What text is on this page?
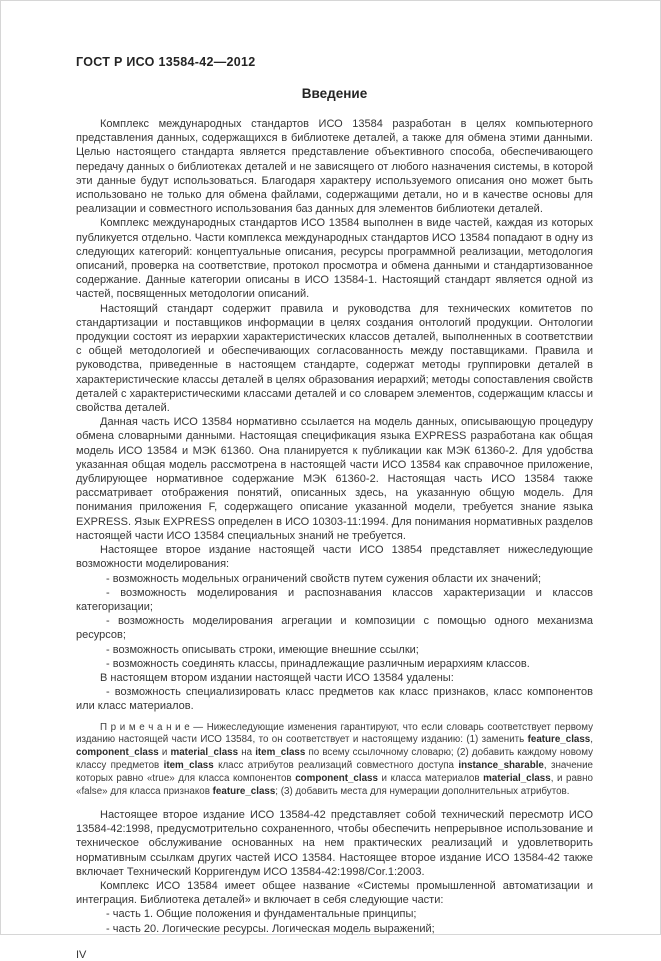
ГОСТ Р ИСО 13584-42—2012
Введение

Комплекс международных стандартов ИСО 13584 разработан в целях компьютерного представления данных, содержащихся в библиотеке деталей, а также для обмена этими данными. Целью настоящего стандарта является представление объективного способа, обеспечивающего передачу данных о библиотеках деталей и не зависящего от любого назначения системы, в которой эти данные будут использоваться. Благодаря характеру используемого описания оно может быть использовано не только для обмена файлами, содержащими детали, но и в качестве основы для реализации и совместного использования баз данных для элементов библиотеки деталей.

Комплекс международных стандартов ИСО 13584 выполнен в виде частей, каждая из которых публикуется отдельно. Части комплекса международных стандартов ИСО 13584 попадают в одну из следующих категорий: концептуальные описания, ресурсы программной реализации, методология описаний, проверка на соответствие, протокол просмотра и обмена данными и стандартизованное содержание. Данные категории описаны в ИСО 13584-1. Настоящий стандарт является одной из частей, посвященных методологии описаний.

Настоящий стандарт содержит правила и руководства для технических комитетов по стандартизации и поставщиков информации в целях создания онтологий продукции. Онтологии продукции состоят из иерархии характеристических классов деталей, выполненных в соответствии с общей методологией и обеспечивающих согласованность между поставщиками. Правила и руководства, приведенные в настоящем стандарте, содержат методы группировки деталей в характеристические классы деталей в целях образования иерархий; методы сопоставления свойств деталей с характеристическими классами деталей и со словарем элементов, содержащим классы и свойства деталей.

Данная часть ИСО 13584 нормативно ссылается на модель данных, описывающую процедуру обмена словарными данными. Настоящая спецификация языка EXPRESS разработана как общая модель ИСО 13584 и МЭК 61360. Она планируется к публикации как МЭК 61360-2. Для удобства указанная общая модель рассмотрена в настоящей части ИСО 13584 как справочное приложение, дублирующее нормативное содержание МЭК 61360-2. Настоящая часть ИСО 13584 также рассматривает отображения понятий, описанных здесь, на указанную общую модель. Для понимания приложения F, содержащего описание указанной модели, требуется знание языка EXPRESS. Язык EXPRESS определен в ИСО 10303-11:1994. Для понимания нормативных разделов настоящей части ИСО 13584 специальных знаний не требуется.

Настоящее второе издание настоящей части ИСО 13854 представляет нижеследующие возможности моделирования:

- возможность модельных ограничений свойств путем сужения области их значений;

- возможность моделирования и распознавания классов характеризации и классов категоризации;

- возможность моделирования агрегации и композиции с помощью одного механизма ресурсов;

- возможность описывать строки, имеющие внешние ссылки;

- возможность соединять классы, принадлежащие различным иерархиям классов.

В настоящем втором издании настоящей части ИСО 13584 удалены:

- возможность специализировать класс предметов как класс признаков, класс компонентов или класс материалов.

П р и м е ч а н и е — Нижеследующие изменения гарантируют, что если словарь соответствует первому изданию настоящей части ИСО 13584, то он соответствует и настоящему изданию: (1) заменить feature_class, component_class и material_class на item_class по всему ссылочному словарю; (2) добавить каждому новому классу предметов item_class класс атрибутов реализаций совместного доступа instance_sharable, значение которых равно «true» для класса компонентов component_class и класса материалов material_class, и равно «false» для класса признаков feature_class; (3) добавить места для нумерации дополнительных атрибутов.

Настоящее второе издание ИСО 13584-42 представляет собой технический пересмотр ИСО 13584-42:1998, предусмотрительно сохраненного, чтобы обеспечить непрерывное использование и техническое обслуживание основанных на нем практических реализаций и удовлетворить нормативным ссылкам других частей ИСО 13584. Настоящее второе издание ИСО 13584-42 также включает Технический Корригендум ИСО 13584-42:1998/Cor.1:2003.

Комплекс ИСО 13584 имеет общее название «Системы промышленной автоматизации и интеграция. Библиотека деталей» и включает в себя следующие части:

- часть 1. Общие положения и фундаментальные принципы;

- часть 20. Логические ресурсы. Логическая модель выражений;

IV
